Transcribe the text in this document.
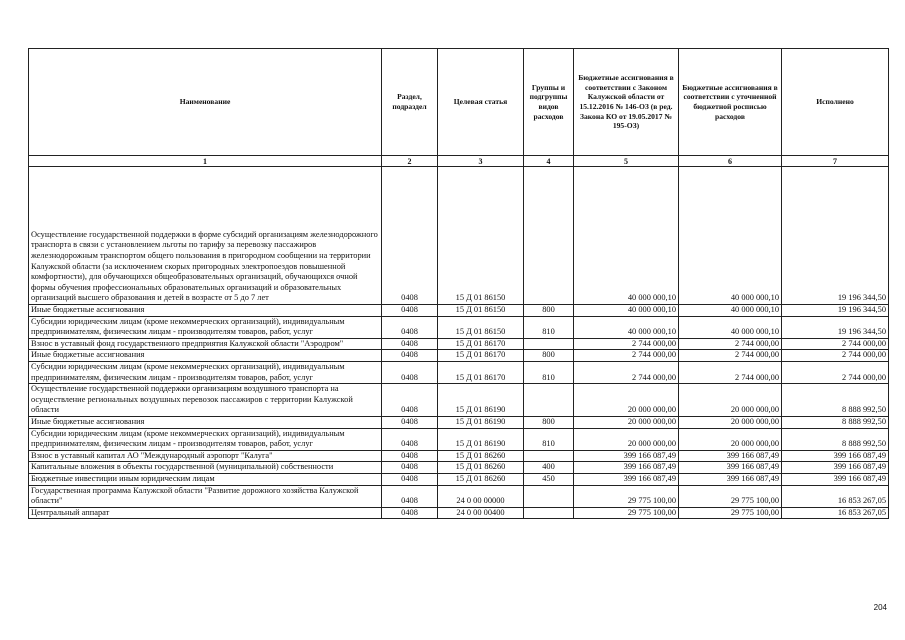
Наименование	Раздел, подраздел	Целевая статья	Группы и подгруппы видов расходов	Бюджетные ассигнования в соответствии с Законом Калужской области от 15.12.2016 № 146-ОЗ (в ред. Закона КО от 19.05.2017 № 195-ОЗ)	Бюджетные ассигнования в соответствии с уточненной бюджетной росписью расходов	Исполнено
1	2	3	4	5	6	7
Осуществление государственной поддержки в форме субсидий организациям железнодорожного транспорта в связи с установлением льготы по тарифу за перевозку пассажиров железнодорожным транспортом общего пользования в пригородном сообщении на территории Калужской области (за исключением скорых пригородных электропоездов повышенной комфортности), для обучающихся общеобразовательных организаций, обучающихся очной формы обучения профессиональных образовательных организаций и образовательных организаций высшего образования и детей в возрасте от 5 до 7 лет	0408	15 Д 01 86150		40 000 000,10	40 000 000,10	19 196 344,50
Иные бюджетные ассигнования	0408	15 Д 01 86150	800	40 000 000,10	40 000 000,10	19 196 344,50
Субсидии юридическим лицам (кроме некоммерческих организаций), индивидуальным предпринимателям, физическим лицам - производителям товаров, работ, услуг	0408	15 Д 01 86150	810	40 000 000,10	40 000 000,10	19 196 344,50
Взнос в уставный фонд государственного предприятия Калужской области "Аэродром"	0408	15 Д 01 86170		2 744 000,00	2 744 000,00	2 744 000,00
Иные бюджетные ассигнования	0408	15 Д 01 86170	800	2 744 000,00	2 744 000,00	2 744 000,00
Субсидии юридическим лицам (кроме некоммерческих организаций), индивидуальным предпринимателям, физическим лицам - производителям товаров, работ, услуг	0408	15 Д 01 86170	810	2 744 000,00	2 744 000,00	2 744 000,00
Осуществление государственной поддержки организациям воздушного транспорта на осуществление региональных воздушных перевозок пассажиров с территории Калужской области	0408	15 Д 01 86190		20 000 000,00	20 000 000,00	8 888 992,50
Иные бюджетные ассигнования	0408	15 Д 01 86190	800	20 000 000,00	20 000 000,00	8 888 992,50
Субсидии юридическим лицам (кроме некоммерческих организаций), индивидуальным предпринимателям, физическим лицам - производителям товаров, работ, услуг	0408	15 Д 01 86190	810	20 000 000,00	20 000 000,00	8 888 992,50
Взнос в уставный капитал АО "Международный аэропорт "Калуга"	0408	15 Д 01 86260		399 166 087,49	399 166 087,49	399 166 087,49
Капитальные вложения в объекты государственной (муниципальной) собственности	0408	15 Д 01 86260	400	399 166 087,49	399 166 087,49	399 166 087,49
Бюджетные инвестиции иным юридическим лицам	0408	15 Д 01 86260	450	399 166 087,49	399 166 087,49	399 166 087,49
Государственная программа Калужской области "Развитие дорожного хозяйства Калужской области"	0408	24 0 00 00000		29 775 100,00	29 775 100,00	16 853 267,05
Центральный аппарат	0408	24 0 00 00400		29 775 100,00	29 775 100,00	16 853 267,05
204
